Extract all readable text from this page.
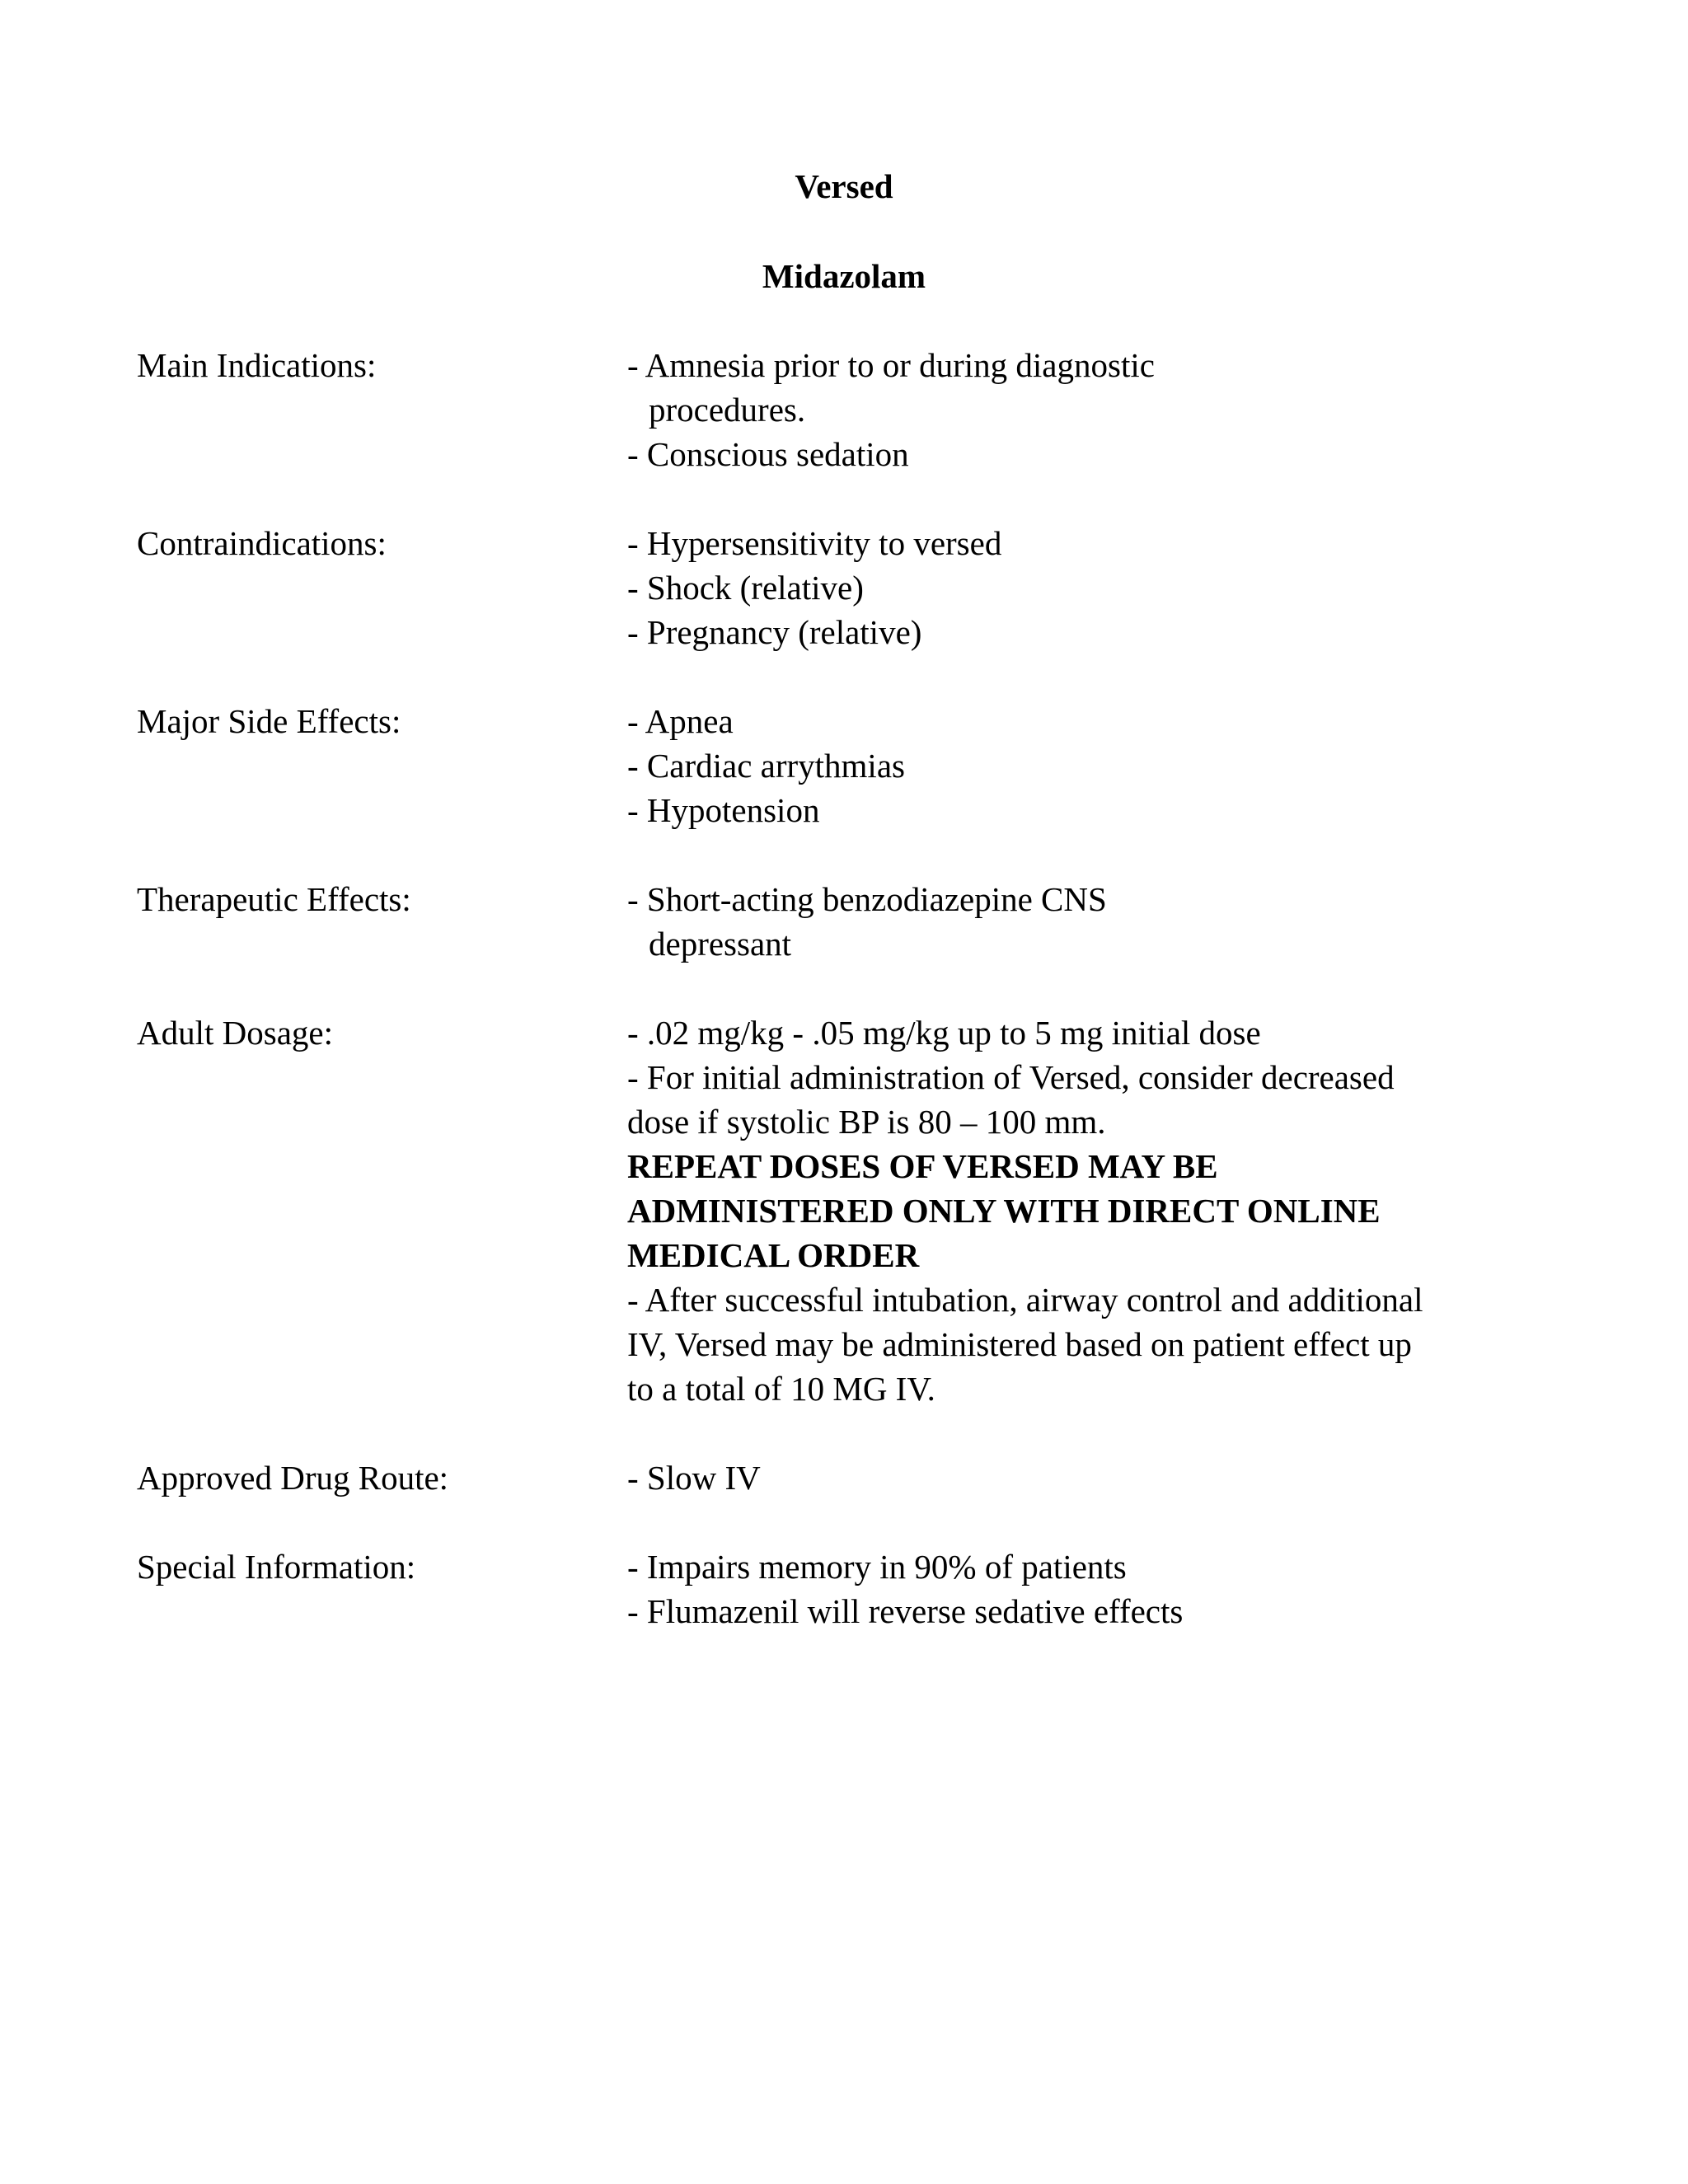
Versed
Midazolam
Main Indications:	- Amnesia prior to or during diagnostic
procedures.
- Conscious sedation
Contraindications:	- Hypersensitivity to versed
- Shock (relative)
- Pregnancy (relative)
Major Side Effects:	- Apnea
- Cardiac arrythmias
- Hypotension
Therapeutic Effects:	- Short-acting benzodiazepine CNS
depressant
Adult Dosage:	- .02 mg/kg - .05 mg/kg up to 5 mg initial dose
- For initial administration of Versed, consider decreased
dose if systolic BP is 80 – 100 mm.
REPEAT DOSES OF VERSED MAY BE
ADMINISTERED ONLY WITH DIRECT ONLINE
MEDICAL ORDER
- After successful intubation, airway control and additional
IV, Versed may be administered based on patient effect up
to a total of 10 MG IV.
Approved Drug Route:	- Slow IV
Special Information:	- Impairs memory in 90% of patients
- Flumazenil will reverse sedative effects
